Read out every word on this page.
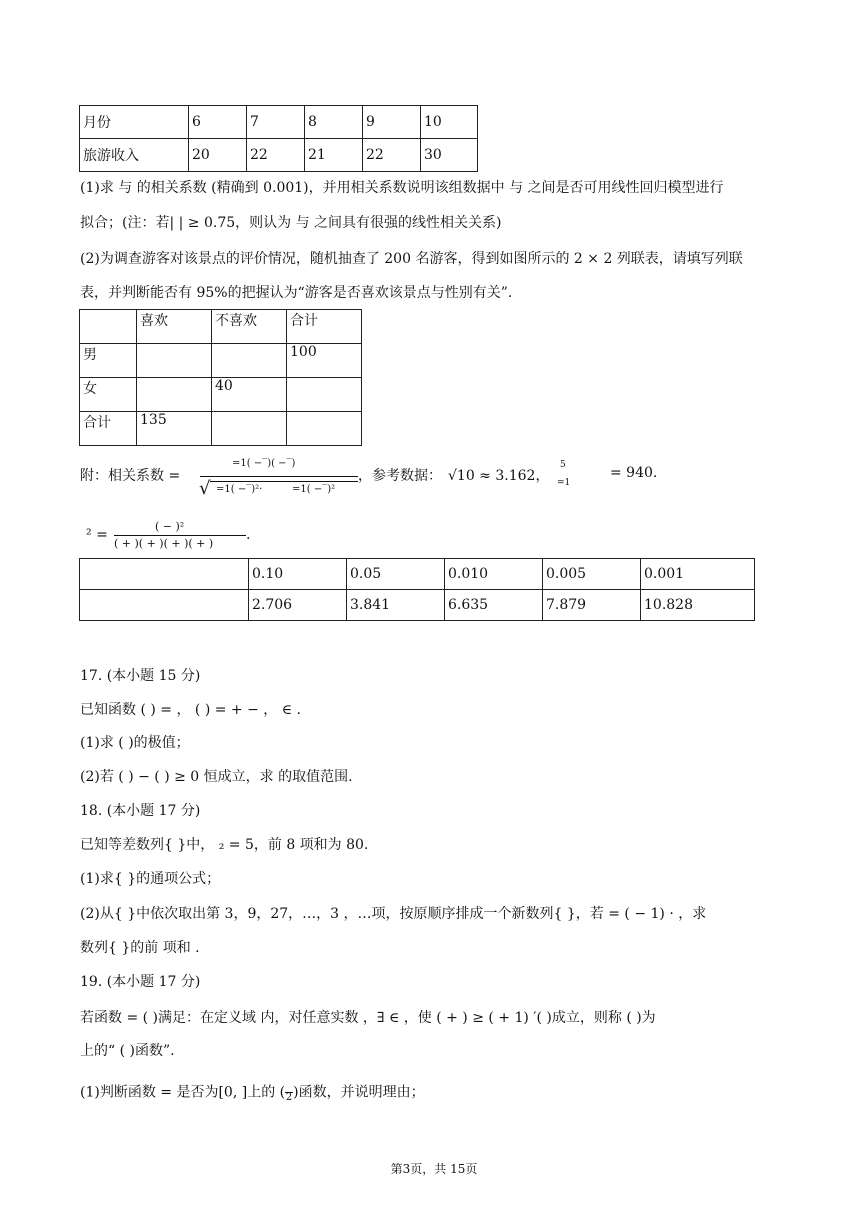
月份	6	7	8	9	10
旅游收入	20	22	21	22	30
(1)求 与 的相关系数 (精确到 0.001)，并用相关系数说明该组数据中 与 之间是否可用线性回归模型进行
拟合；(注：若| | ≥ 0.75，则认为 与 之间具有很强的线性相关关系)
(2)为调查游客对该景点的评价情况，随机抽查了 200 名游客，得到如图所示的 2 × 2 列联表，请填写列联
表，并判断能否有 95%的把握认为“游客是否喜欢该景点与性别有关”.
	喜欢	不喜欢	合计
男			100
女		40	
合计	135		
附：相关系数 =
=1( −‾)( −‾)
√ =1( −‾)²·	=1( −‾)²
，参考数据： √10 ≈ 3.162，
5
=1
= 940.
² =
( − )²
( + )( + )( + )( + )
.
	0.10	0.05	0.010	0.005	0.001
	2.706	3.841	6.635	7.879	10.828
17. (本小题 15 分)
已知函数 ( ) = ， ( ) = + − ， ∈ .
(1)求 ( )的极值；
(2)若 ( ) − ( ) ≥ 0 恒成立，求 的取值范围.
18. (本小题 17 分)
已知等差数列{ }中， ₂ = 5，前 8 项和为 80.
(1)求{ }的通项公式；
(2)从{ }中依次取出第 3，9，27，…，3 ，…项，按原顺序排成一个新数列{ }，若 = ( − 1) · ，求
数列{ }的前 项和 .
19. (本小题 17 分)
若函数 = ( )满足：在定义域 内，对任意实数 ，∃ ∈ ，使 ( + ) ≥ ( + 1) ′( )成立，则称 ( )为
上的“ ( )函数”.
(1)判断函数 = 是否为[0, ]上的 ( 2 )函数，并说明理由；
第3页，共 15页
